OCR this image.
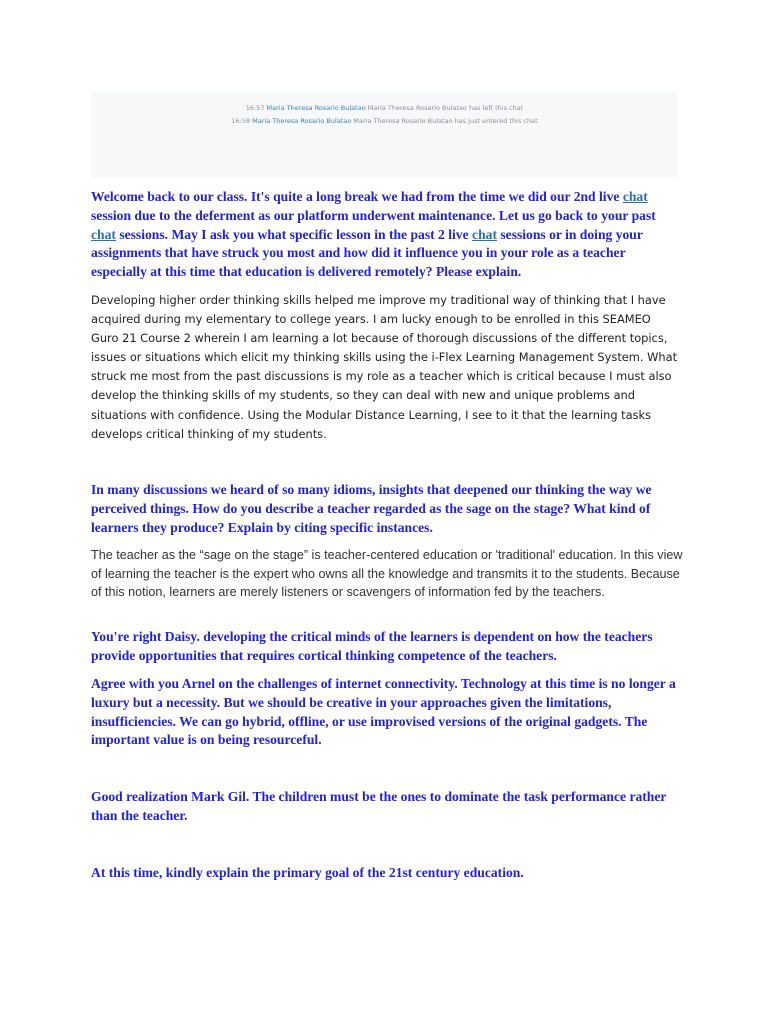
16:57 Maria Theresa Rosario Bulatao Maria Theresa Rosario Bulatao has left this chat
16:58 Maria Theresa Rosario Bulatao Maria Theresa Rosario Bulatao has just entered this chat

Welcome back to our class. It's quite a long break we had from the time we did our 2nd live chat session due to the deferment as our platform underwent maintenance. Let us go back to your past chat sessions. May I ask you what specific lesson in the past 2 live chat sessions or in doing your assignments that have struck you most and how did it influence you in your role as a teacher especially at this time that education is delivered remotely? Please explain.

Developing higher order thinking skills helped me improve my traditional way of thinking that I have acquired during my elementary to college years. I am lucky enough to be enrolled in this SEAMEO Guro 21 Course 2 wherein I am learning a lot because of thorough discussions of the different topics, issues or situations which elicit my thinking skills using the i-Flex Learning Management System. What struck me most from the past discussions is my role as a teacher which is critical because I must also develop the thinking skills of my students, so they can deal with new and unique problems and situations with confidence. Using the Modular Distance Learning, I see to it that the learning tasks develops critical thinking of my students.

In many discussions we heard of so many idioms, insights that deepened our thinking the way we perceived things. How do you describe a teacher regarded as the sage on the stage? What kind of learners they produce? Explain by citing specific instances.

The teacher as the “sage on the stage” is teacher-centered education or 'traditional' education. In this view of learning the teacher is the expert who owns all the knowledge and transmits it to the students. Because of this notion, learners are merely listeners or scavengers of information fed by the teachers.

You're right Daisy. developing the critical minds of the learners is dependent on how the teachers provide opportunities that requires cortical thinking competence of the teachers.

Agree with you Arnel on the challenges of internet connectivity. Technology at this time is no longer a luxury but a necessity. But we should be creative in your approaches given the limitations, insufficiencies. We can go hybrid, offline, or use improvised versions of the original gadgets. The important value is on being resourceful.

Good realization Mark Gil. The children must be the ones to dominate the task performance rather than the teacher.

At this time, kindly explain the primary goal of the 21st century education.
